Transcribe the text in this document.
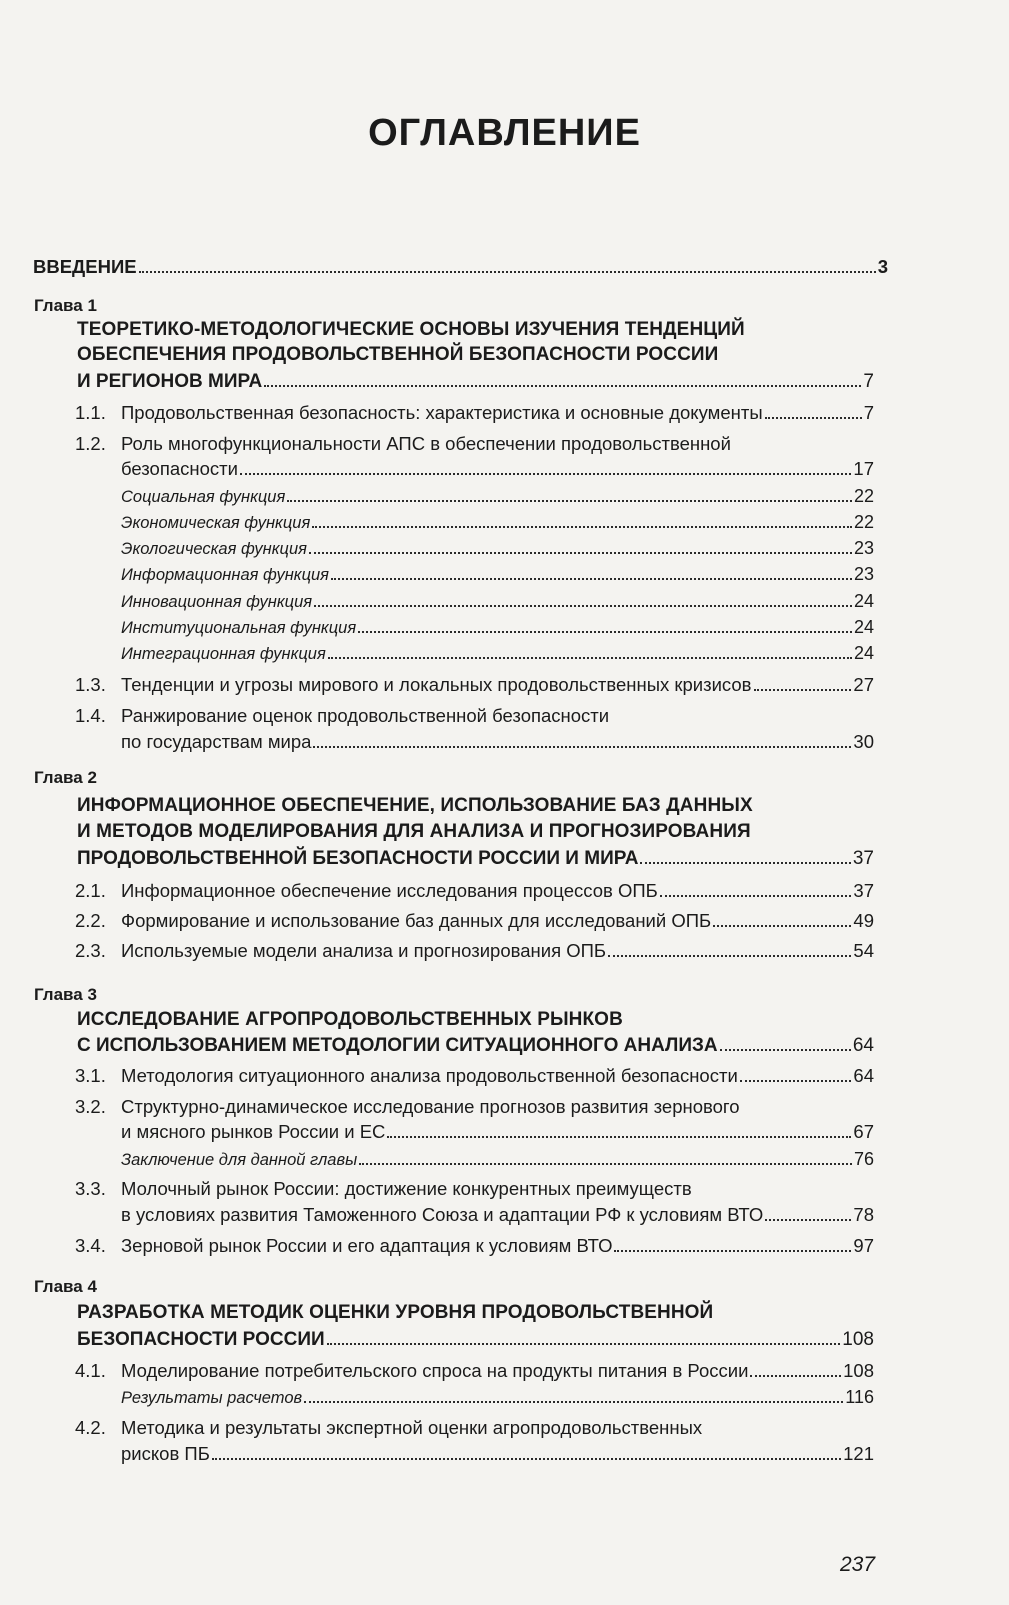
ОГЛАВЛЕНИЕ
ВВЕДЕНИЕ	3
Глава 1
ТЕОРЕТИКО-МЕТОДОЛОГИЧЕСКИЕ ОСНОВЫ ИЗУЧЕНИЯ ТЕНДЕНЦИЙ
ОБЕСПЕЧЕНИЯ ПРОДОВОЛЬСТВЕННОЙ БЕЗОПАСНОСТИ РОССИИ
И РЕГИОНОВ МИРА	7
1.1. Продовольственная безопасность: характеристика и основные документы	7
1.2. Роль многофункциональности АПС в обеспечении продовольственной
безопасности	17
Социальная функция	22
Экономическая функция	22
Экологическая функция	23
Информационная функция	23
Инновационная функция	24
Институциональная функция	24
Интеграционная функция	24
1.3. Тенденции и угрозы мирового и локальных продовольственных кризисов	27
1.4. Ранжирование оценок продовольственной безопасности
по государствам мира	30
Глава 2
ИНФОРМАЦИОННОЕ ОБЕСПЕЧЕНИЕ, ИСПОЛЬЗОВАНИЕ БАЗ ДАННЫХ
И МЕТОДОВ МОДЕЛИРОВАНИЯ ДЛЯ АНАЛИЗА И ПРОГНОЗИРОВАНИЯ
ПРОДОВОЛЬСТВЕННОЙ БЕЗОПАСНОСТИ РОССИИ И МИРА	37
2.1. Информационное обеспечение исследования процессов ОПБ	37
2.2. Формирование и использование баз данных для исследований ОПБ	49
2.3. Используемые модели анализа и прогнозирования ОПБ	54
Глава 3
ИССЛЕДОВАНИЕ АГРОПРОДОВОЛЬСТВЕННЫХ РЫНКОВ
С ИСПОЛЬЗОВАНИЕМ МЕТОДОЛОГИИ СИТУАЦИОННОГО АНАЛИЗА	64
3.1. Методология ситуационного анализа продовольственной безопасности	64
3.2. Структурно-динамическое исследование прогнозов развития зернового
и мясного рынков России и ЕС	67
Заключение для данной главы	76
3.3. Молочный рынок России: достижение конкурентных преимуществ
в условиях развития Таможенного Союза и адаптации РФ к условиям ВТО	78
3.4. Зерновой рынок России и его адаптация к условиям ВТО	97
Глава 4
РАЗРАБОТКА МЕТОДИК ОЦЕНКИ УРОВНЯ ПРОДОВОЛЬСТВЕННОЙ
БЕЗОПАСНОСТИ РОССИИ	108
4.1. Моделирование потребительского спроса на продукты питания в России	108
Результаты расчетов	116
4.2. Методика и результаты экспертной оценки агропродовольственных
рисков ПБ	121
237
